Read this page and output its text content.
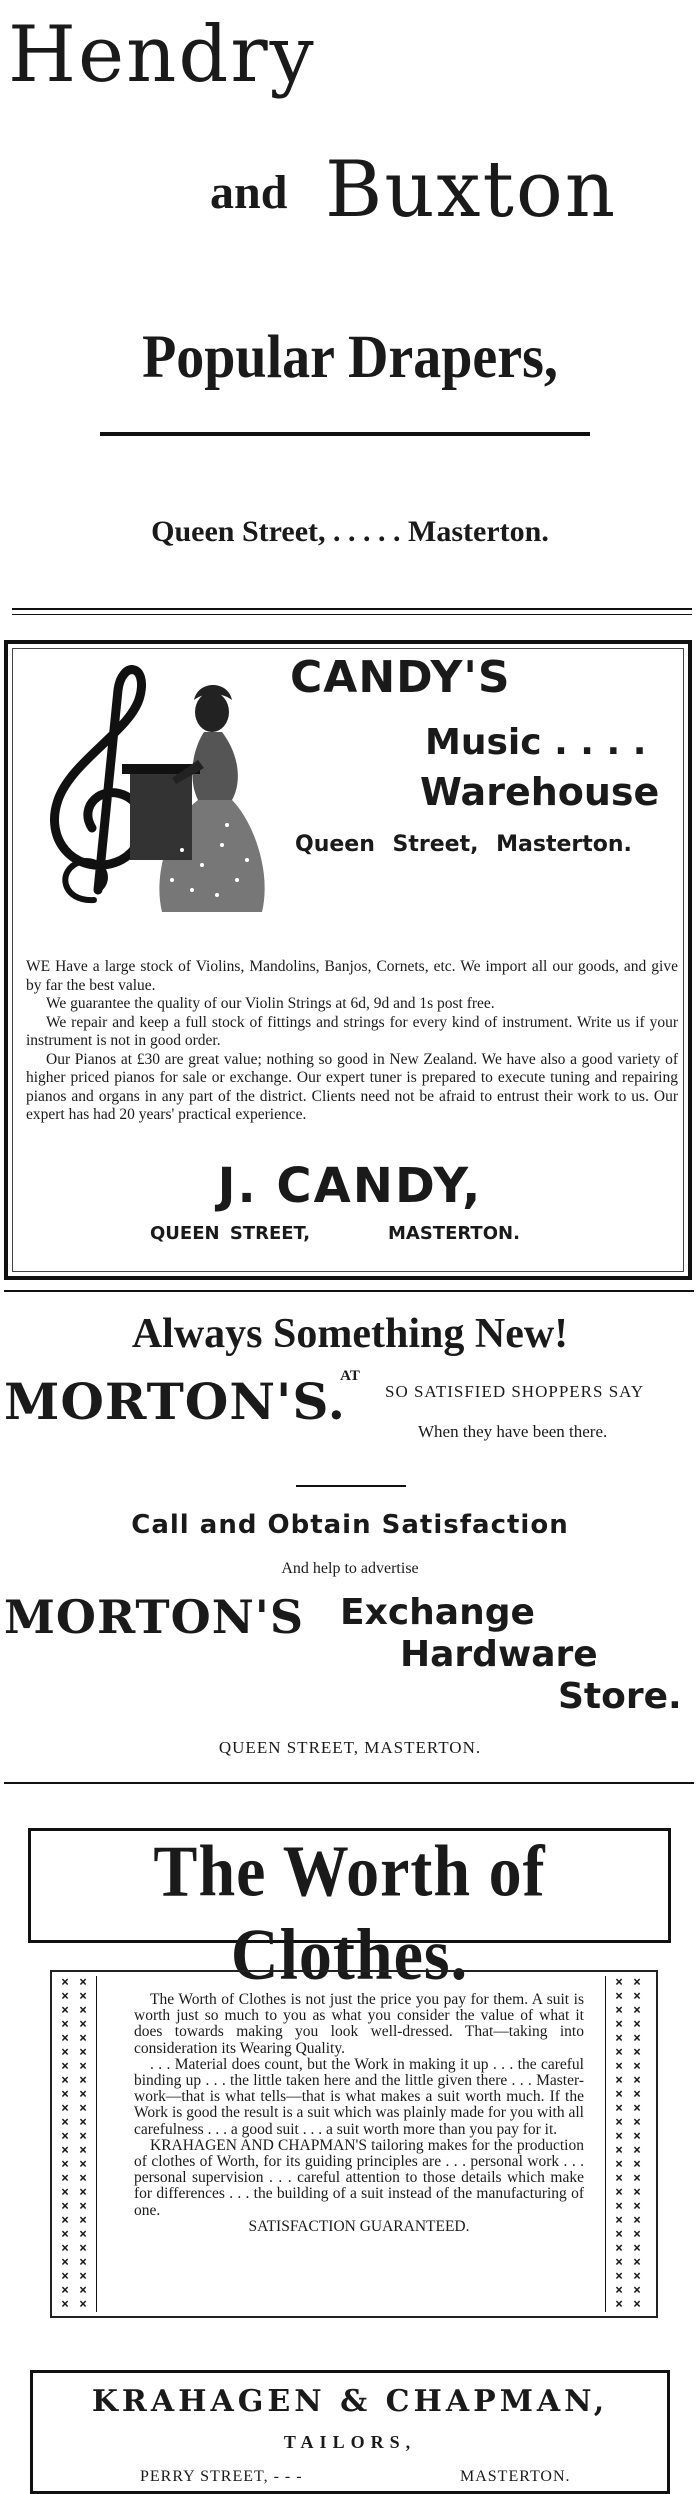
Hendry
and Buxton
Popular Drapers,
Queen Street, . . . . . Masterton.
CANDY'S
Music . . . .
Warehouse
Queen Street, Masterton.

WE Have a large stock of Violins, Mandolins, Banjos, Cornets, etc. We import all our goods, and give by far the best value.

We guarantee the quality of our Violin Strings at 6d, 9d and 1s post free.

We repair and keep a full stock of fittings and strings for every kind of instrument. Write us if your instrument is not in good order.

Our Pianos at £30 are great value; nothing so good in New Zealand. We have also a good variety of higher priced pianos for sale or exchange. Our expert tuner is prepared to execute tuning and repairing pianos and organs in any part of the district. Clients need not be afraid to entrust their work to us. Our expert has had 20 years' practical experience.

J. CANDY,
QUEEN STREET,	MASTERTON.
Always Something New!
AT
MORTON'S. SO SATISFIED SHOPPERS SAY
When they have been there.
Call and Obtain Satisfaction
And help to advertise
MORTON'S Exchange
Hardware
Store.
QUEEN STREET, MASTERTON.
The Worth of Clothes.
×
×
×
×
×
×
×
×
×
×
×
×
×
×
×
×
×
×
×
×
×
×
×
×
×
×
×
×
×
×
×
×
×
×
×
×
×
×
×
×
×
×
×
×
×
×
×
×
×
×
×
×
×
×
×
×
×
×
×
×
×
×
×
×
×
×
×
×
×
×
×
×
×
×
×
×
×
×
×
×
×
×
×
×
×
×
×
×
×
×
×
×
×
×
×
×

The Worth of Clothes is not just the price you pay for them. A suit is worth just so much to you as what you consider the value of what it does towards making you look well-dressed. That—taking into consideration its Wearing Quality.

. . . Material does count, but the Work in making it up . . . the careful binding up . . . the little taken here and the little given there . . . Master-work—that is what tells—that is what makes a suit worth much. If the Work is good the result is a suit which was plainly made for you with all carefulness . . . a good suit . . . a suit worth more than you pay for it.

KRAHAGEN AND CHAPMAN'S tailoring makes for the production of clothes of Worth, for its guiding principles are . . . personal work . . . personal supervision . . . careful attention to those details which make for differences . . . the building of a suit instead of the manufacturing of one.

SATISFACTION GUARANTEED.
KRAHAGEN & CHAPMAN,
TAILORS,
PERRY STREET, - - -	MASTERTON.
